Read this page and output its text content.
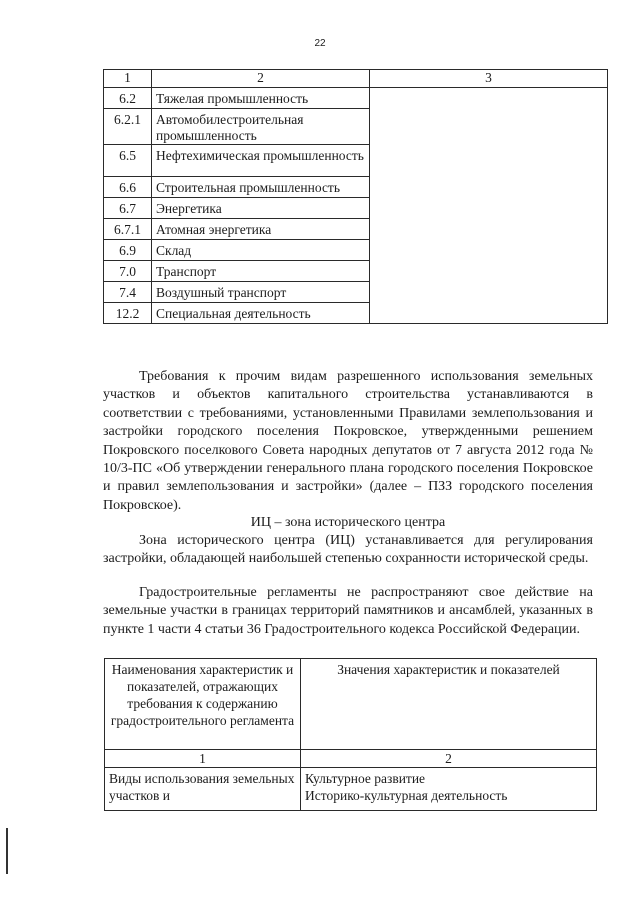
22
1	2	3
6.2	Тяжелая промышленность	
6.2.1	Автомобилестроительная промышленность	
6.5	Нефтехимическая промышленность	
6.6	Строительная промышленность	
6.7	Энергетика	
6.7.1	Атомная энергетика	
6.9	Склад	
7.0	Транспорт	
7.4	Воздушный транспорт	
12.2	Специальная деятельность	

Требования к прочим видам разрешенного использования земельных участков и объектов капитального строительства устанавливаются в соответствии с требованиями, установленными Правилами землепользования и застройки городского поселения Покровское, утвержденными решением Покровского поселкового Совета народных депутатов от 7 августа 2012 года № 10/3-ПС «Об утверждении генерального плана городского поселения Покровское и правил землепользования и застройки» (далее – ПЗЗ городского поселения Покровское).

ИЦ – зона исторического центра

Зона исторического центра (ИЦ) устанавливается для регулирования застройки, обладающей наибольшей степенью сохранности исторической среды.

Градостроительные регламенты не распространяют свое действие на земельные участки в границах территорий памятников и ансамблей, указанных в пункте 1 части 4 статьи 36 Градостроительного кодекса Российской Федерации.

Наименования характеристик и показателей, отражающих требования к содержанию градостроительного регламента	Значения характеристик и показателей
1	2
Виды использования земельных участков и	Культурное развитие
Историко-культурная деятельность
